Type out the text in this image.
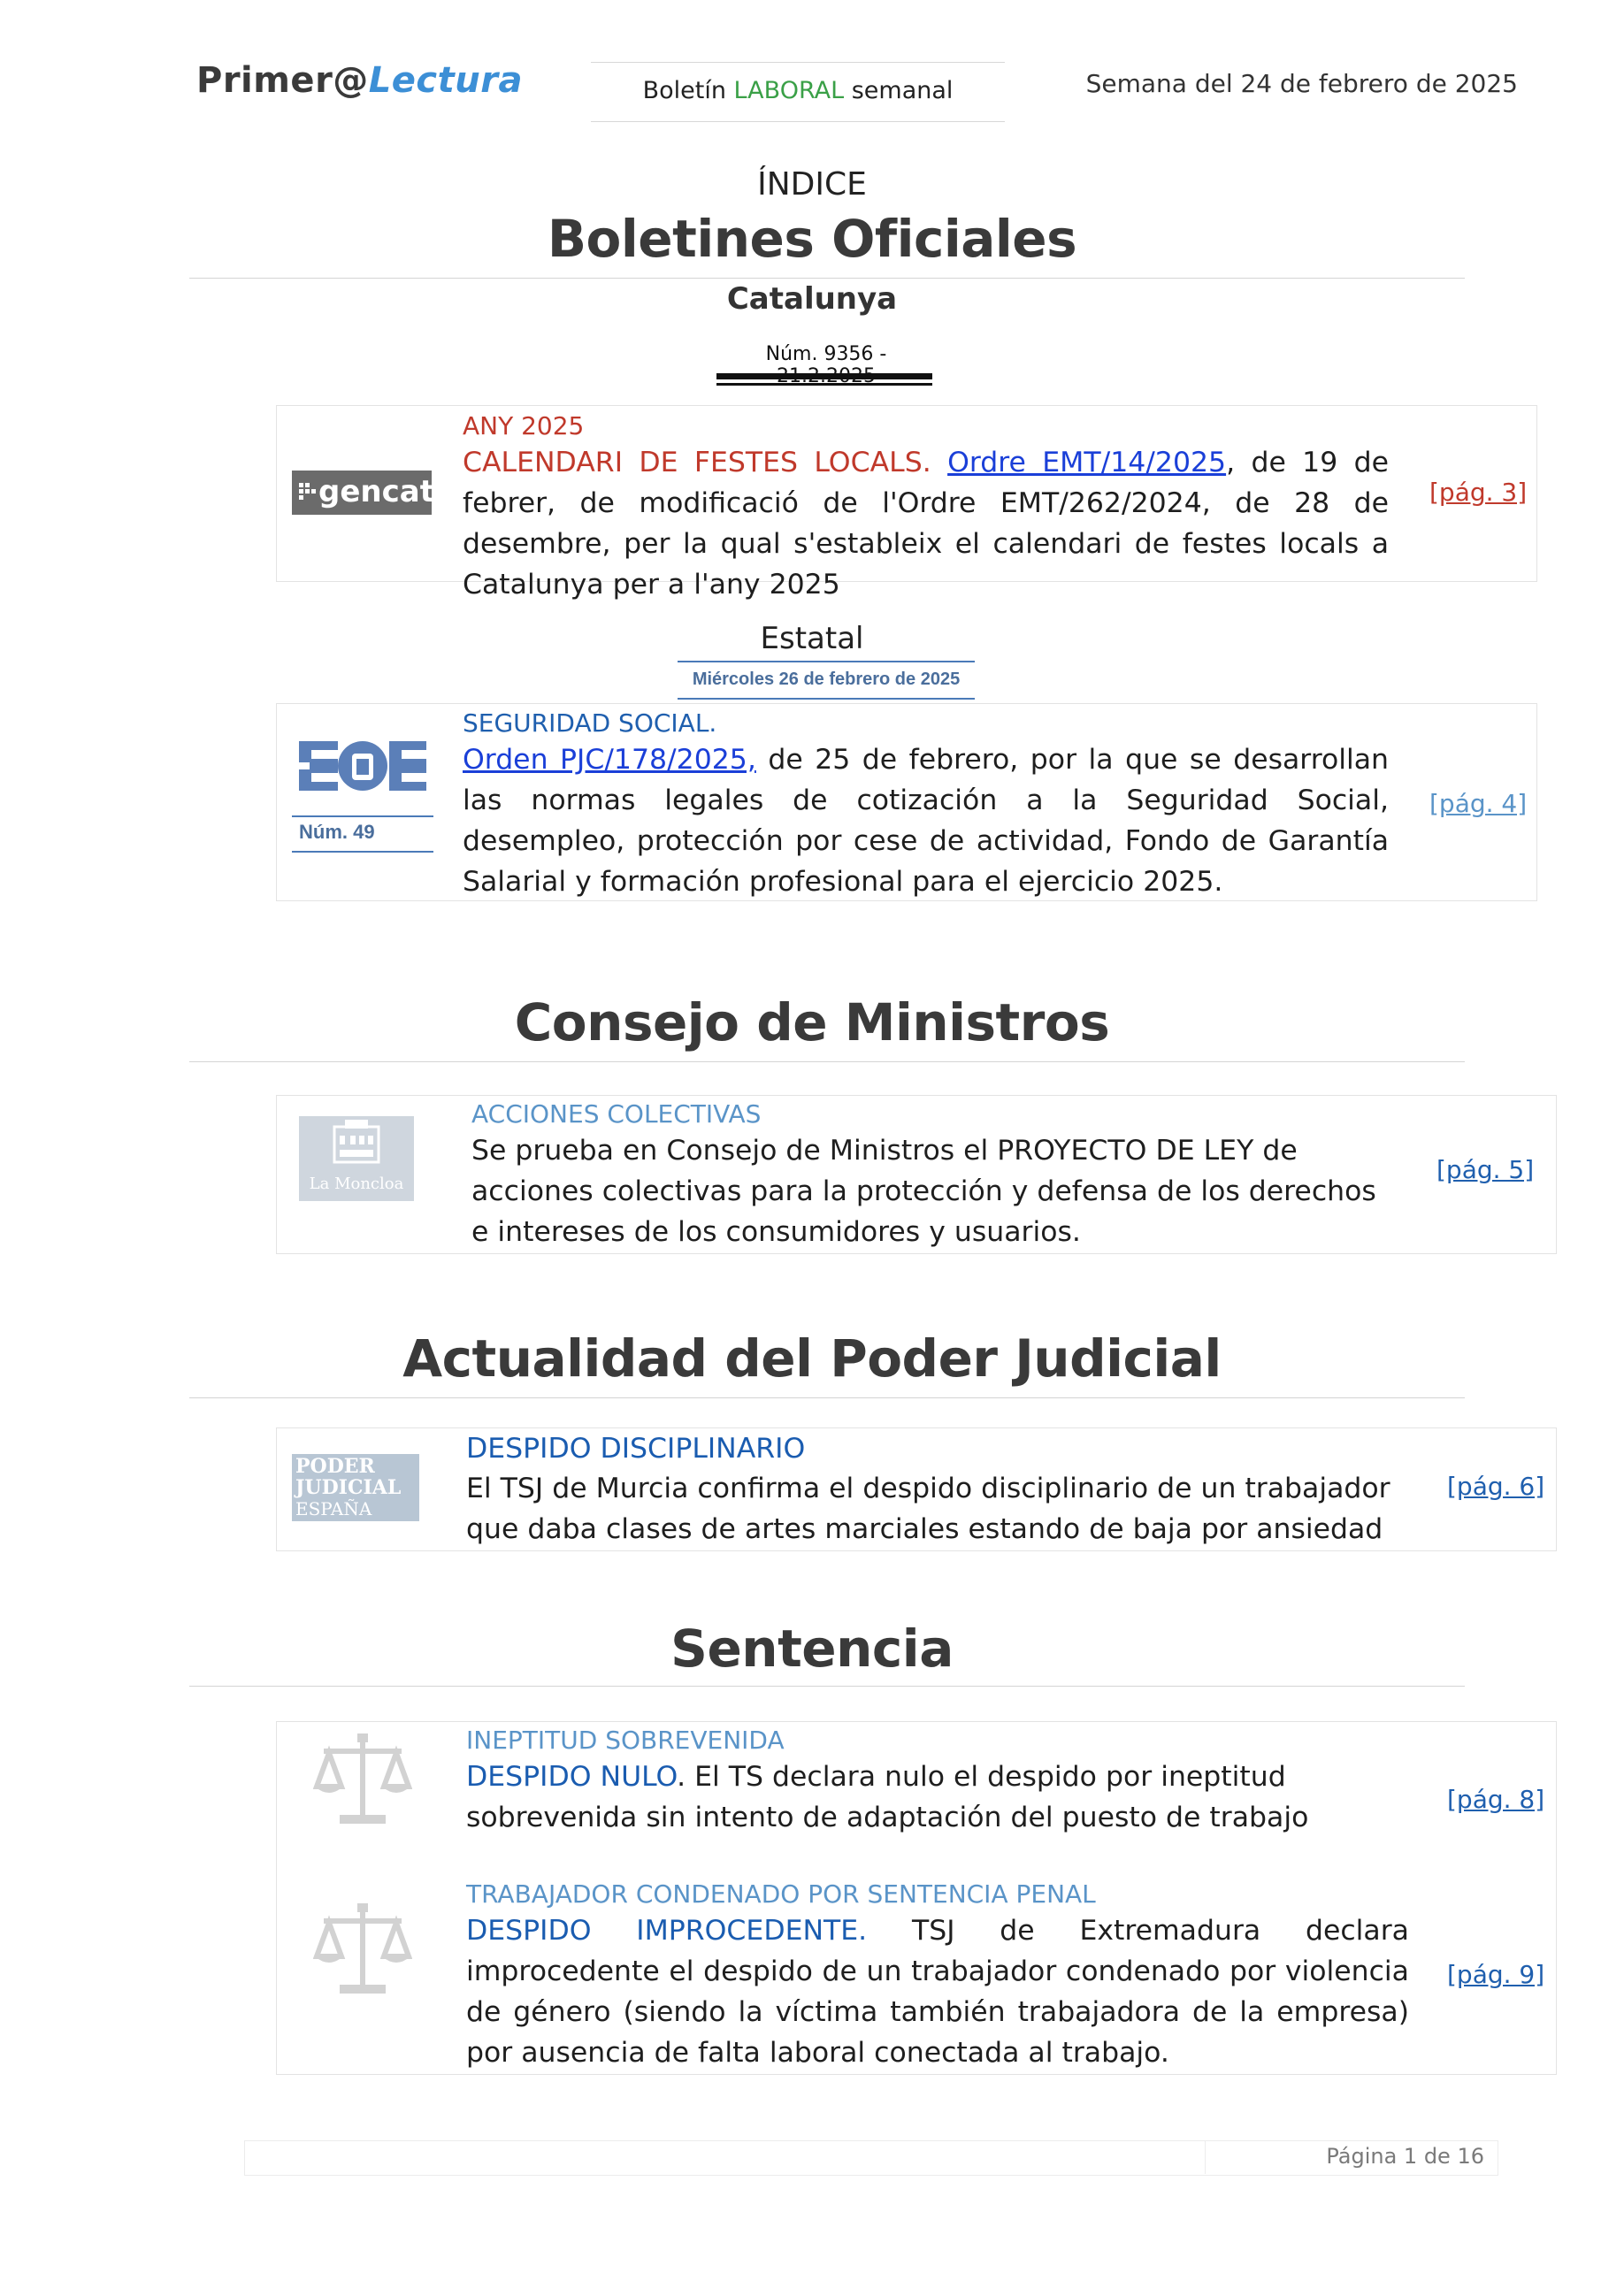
Primer@Lectura	Boletín LABORAL semanal	Semana del 24 de febrero de 2025
ÍNDICE
Boletines Oficiales
Catalunya
Núm. 9356 -
gencat
ANY 2025
CALENDARI DE FESTES LOCALS. Ordre EMT/14/2025, de 19 de febrer, de modificació de l'Ordre EMT/262/2024, de 28 de desembre, per la qual s'estableix el calendari de festes locals a Catalunya per a l'any 2025
[pág. 3]
Estatal
Miércoles 26 de febrero de 2025
Núm. 49
SEGURIDAD SOCIAL.
Orden PJC/178/2025, de 25 de febrero, por la que se desarrollan las normas legales de cotización a la Seguridad Social, desempleo, protección por cese de actividad, Fondo de Garantía Salarial y formación profesional para el ejercicio 2025.
[pág. 4]
Consejo de Ministros
La Moncloa
ACCIONES COLECTIVAS
Se prueba en Consejo de Ministros el PROYECTO DE LEY de acciones colectivas para la protección y defensa de los derechos e intereses de los consumidores y usuarios.
[pág. 5]
Actualidad del Poder Judicial
PODER
JUDICIAL
ESPAÑA
DESPIDO DISCIPLINARIO
El TSJ de Murcia confirma el despido disciplinario de un trabajador que daba clases de artes marciales estando de baja por ansiedad
[pág. 6]
Sentencia
INEPTITUD SOBREVENIDA
DESPIDO NULO. El TS declara nulo el despido por ineptitud sobrevenida sin intento de adaptación del puesto de trabajo
[pág. 8]
TRABAJADOR CONDENADO POR SENTENCIA PENAL
DESPIDO IMPROCEDENTE. TSJ de Extremadura declara improcedente el despido de un trabajador condenado por violencia de género (siendo la víctima también trabajadora de la empresa) por ausencia de falta laboral conectada al trabajo.
[pág. 9]
Página 1 de 16
